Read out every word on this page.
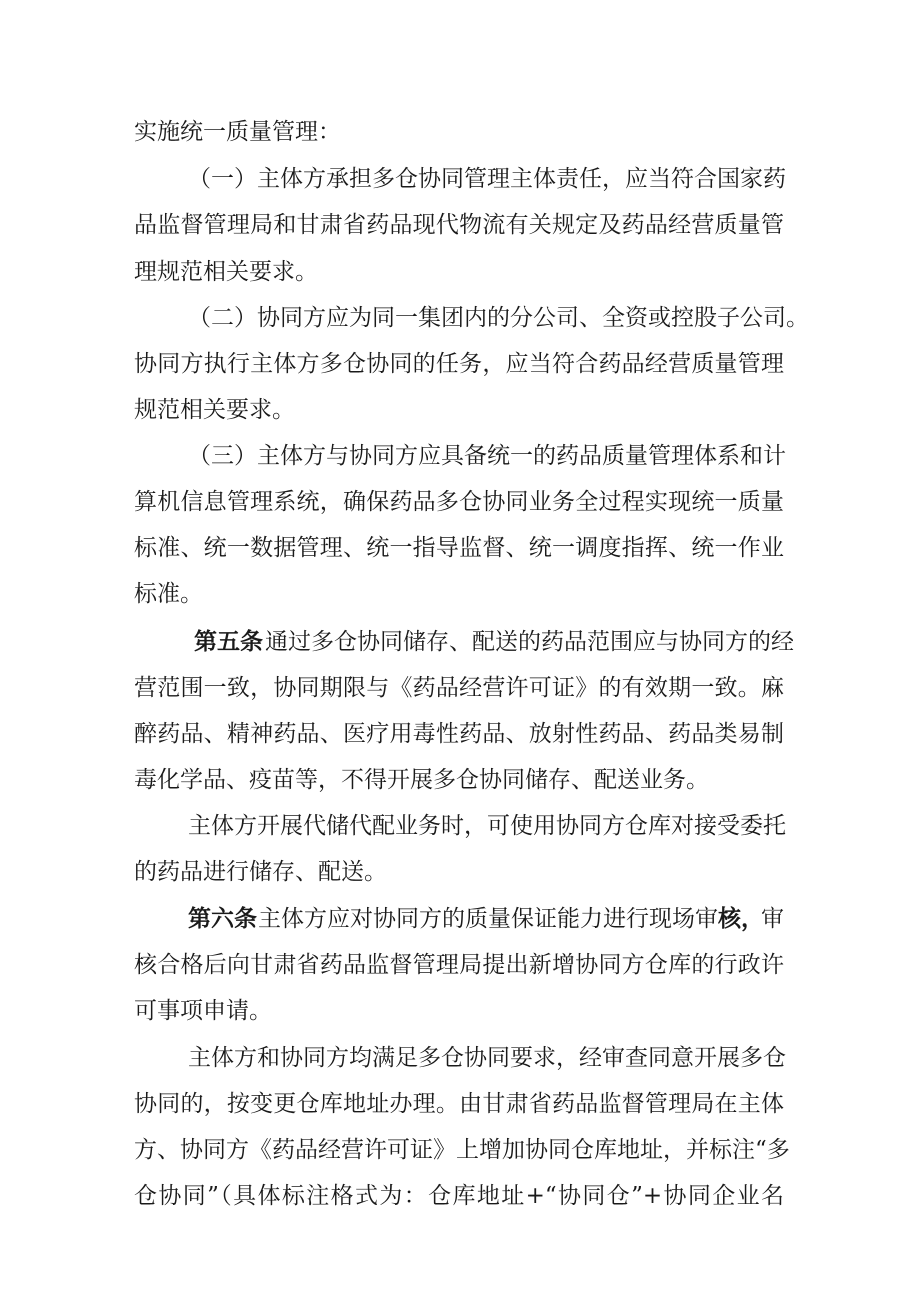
实施统一质量管理：
（一）主体方承担多仓协同管理主体责任，应当符合国家药
品监督管理局和甘肃省药品现代物流有关规定及药品经营质量管
理规范相关要求。
（二）协同方应为同一集团内的分公司、全资或控股子公司。
协同方执行主体方多仓协同的任务，应当符合药品经营质量管理
规范相关要求。
（三）主体方与协同方应具备统一的药品质量管理体系和计
算机信息管理系统，确保药品多仓协同业务全过程实现统一质量
标准、统一数据管理、统一指导监督、统一调度指挥、统一作业
标准。
第五条 通过多仓协同储存、配送的药品范围应与协同方的经
营范围一致，协同期限与《药品经营许可证》的有效期一致。麻
醉药品、精神药品、医疗用毒性药品、放射性药品、药品类易制
毒化学品、疫苗等，不得开展多仓协同储存、配送业务。
主体方开展代储代配业务时，可使用协同方仓库对接受委托
的药品进行储存、配送。
第六条 主体方应对协同方的质量保证能力进行现场审 核，
审
核合格后向甘肃省药品监督管理局提出新增协同方仓库的行政许
可事项申请。
主体方和协同方均满足多仓协同要求，经审查同意开展多仓
协同的，按变更仓库地址办理。由甘肃省药品监督管理局在主体
方、协同方《药品经营许可证》上增加协同仓库地址，并标注“多
仓协同”（具体标注格式为：仓库地址+“协同仓”+协同企业名
